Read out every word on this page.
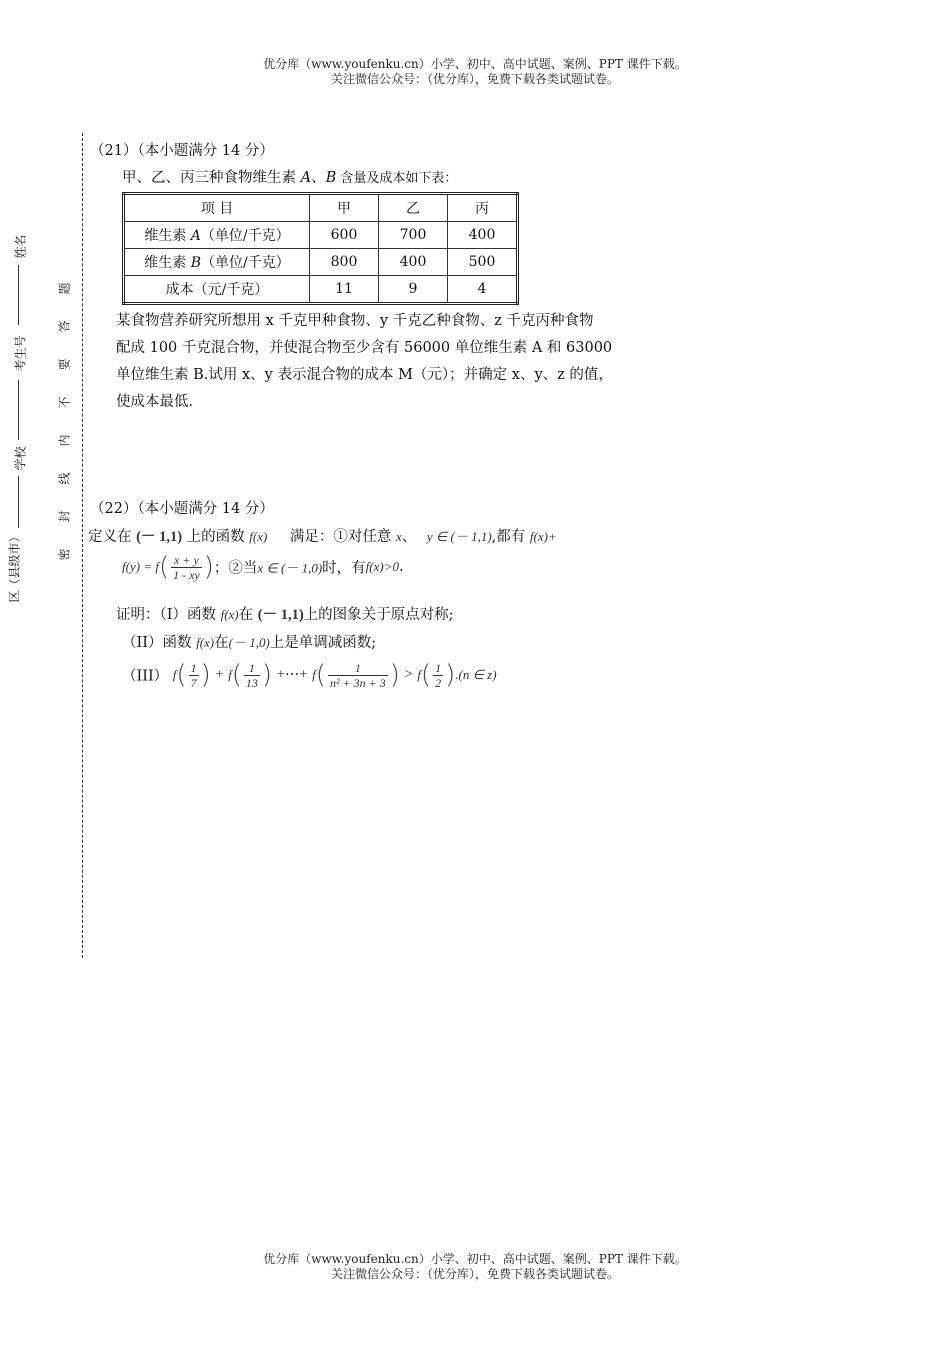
优分库（www.youfenku.cn）小学、初中、高中试题、案例、PPT 课件下载。
关注微信公众号：（优分库），免费下载各类试题试卷。
姓名
考生号
学校
区（县级市）
题
答
要
不
内
线
封
密
（21）（本小题满分 14 分）
甲、乙、丙三种食物维生素 A、B 含量及成本如下表：
项 目	甲	乙	丙
维生素 A（单位/千克）	600	700	400
维生素 B（单位/千克）	800	400	500
成本（元/千克）	11	9	4
某食物营养研究所想用 x 千克甲种食物、y 千克乙种食物、z 千克丙种食物
配成 100 千克混合物，并使混合物至少含有 56000 单位维生素 A 和 63000
单位维生素 B.试用 x、y 表示混合物的成本 M（元）；并确定 x、y、z 的值，
使成本最低.
（22）（本小题满分 14 分）
定义在 (－ 1,1) 上的函数 f(x) 满足：①对任意 x、 y ∈ (－ 1,1),都有 f(x)+
$f(y) = f( \frac{x + y}{1 - xy}$ )；②当x ∈ (－ 1,0)时，有f(x)>0.
证明：（I）函数 f(x)在 (－ 1,1)上的图象关于原点对称;
（II）函数 f(x)在(－ 1,0)上是单调减函数;
（III） $f( \frac{1}{7}$ ) + $f( \frac{1}{13}$ ) +⋯+ $f( \frac{1}{\text{n² + 3n + 3}}$ ) > $f( \frac{1}{2} ).(n$ ∈ z)
优分库（www.youfenku.cn）小学、初中、高中试题、案例、PPT 课件下载。
关注微信公众号：（优分库），免费下载各类试题试卷。
